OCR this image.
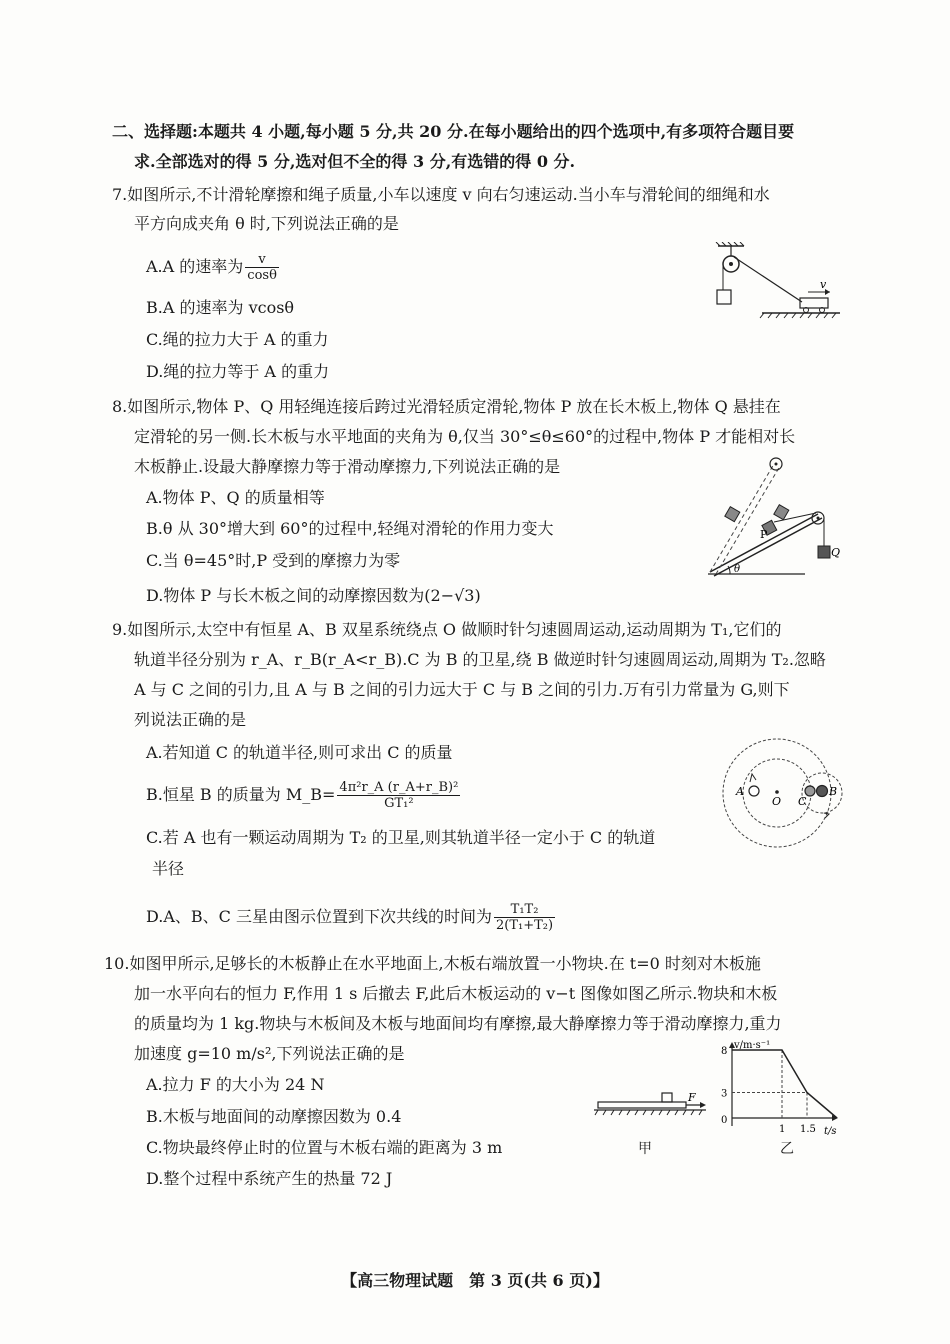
二、选择题:本题共 4 小题,每小题 5 分,共 20 分.在每小题给出的四个选项中,有多项符合题目要
求.全部选对的得 5 分,选对但不全的得 3 分,有选错的得 0 分.
7.如图所示,不计滑轮摩擦和绳子质量,小车以速度 v 向右匀速运动.当小车与滑轮间的细绳和水
平方向成夹角 θ 时,下列说法正确的是
A.A 的速率为 $\frac{v}{\cos\theta}$
B.A 的速率为 vcosθ
C.绳的拉力大于 A 的重力
D.绳的拉力等于 A 的重力
v
8.如图所示,物体 P、Q 用轻绳连接后跨过光滑轻质定滑轮,物体 P 放在长木板上,物体 Q 悬挂在
定滑轮的另一侧.长木板与水平地面的夹角为 θ,仅当 30°≤θ≤60°的过程中,物体 P 才能相对长
木板静止.设最大静摩擦力等于滑动摩擦力,下列说法正确的是
A.物体 P、Q 的质量相等
B.θ 从 30°增大到 60°的过程中,轻绳对滑轮的作用力变大
C.当 θ=45°时,P 受到的摩擦力为零
D.物体 P 与长木板之间的动摩擦因数为(2−√3)
P
Q
θ
9.如图所示,太空中有恒星 A、B 双星系统绕点 O 做顺时针匀速圆周运动,运动周期为 T₁,它们的
轨道半径分别为 r_A、r_B(r_A<r_B).C 为 B 的卫星,绕 B 做逆时针匀速圆周运动,周期为 T₂.忽略
A 与 C 之间的引力,且 A 与 B 之间的引力远大于 C 与 B 之间的引力.万有引力常量为 G,则下
列说法正确的是
A.若知道 C 的轨道半径,则可求出 C 的质量
B.恒星 B 的质量为 M_B= $\frac{\text{4π²r\_A (r\_A+r\_B)²}}{\text{GT₁²}}$
C.若 A 也有一颗运动周期为 T₂ 的卫星,则其轨道半径一定小于 C 的轨道
半径
D.A、B、C 三星由图示位置到下次共线的时间为 $\frac{\text{T₁T₂}}{\text{2(T₁+T₂)}}$
A
O C
B
10.如图甲所示,足够长的木板静止在水平地面上,木板右端放置一小物块.在 t=0 时刻对木板施
加一水平向右的恒力 F,作用 1 s 后撤去 F,此后木板运动的 v−t 图像如图乙所示.物块和木板
的质量均为 1 kg.物块与木板间及木板与地面间均有摩擦,最大静摩擦力等于滑动摩擦力,重力
加速度 g=10 m/s²,下列说法正确的是
A.拉力 F 的大小为 24 N
B.木板与地面间的动摩擦因数为 0.4
C.物块最终停止时的位置与木板右端的距离为 3 m
D.整个过程中系统产生的热量 72 J
F
甲
v/m·s⁻¹
8
3
0
1 1.5 t/s
乙
【高三物理试题　第 3 页(共 6 页)】
